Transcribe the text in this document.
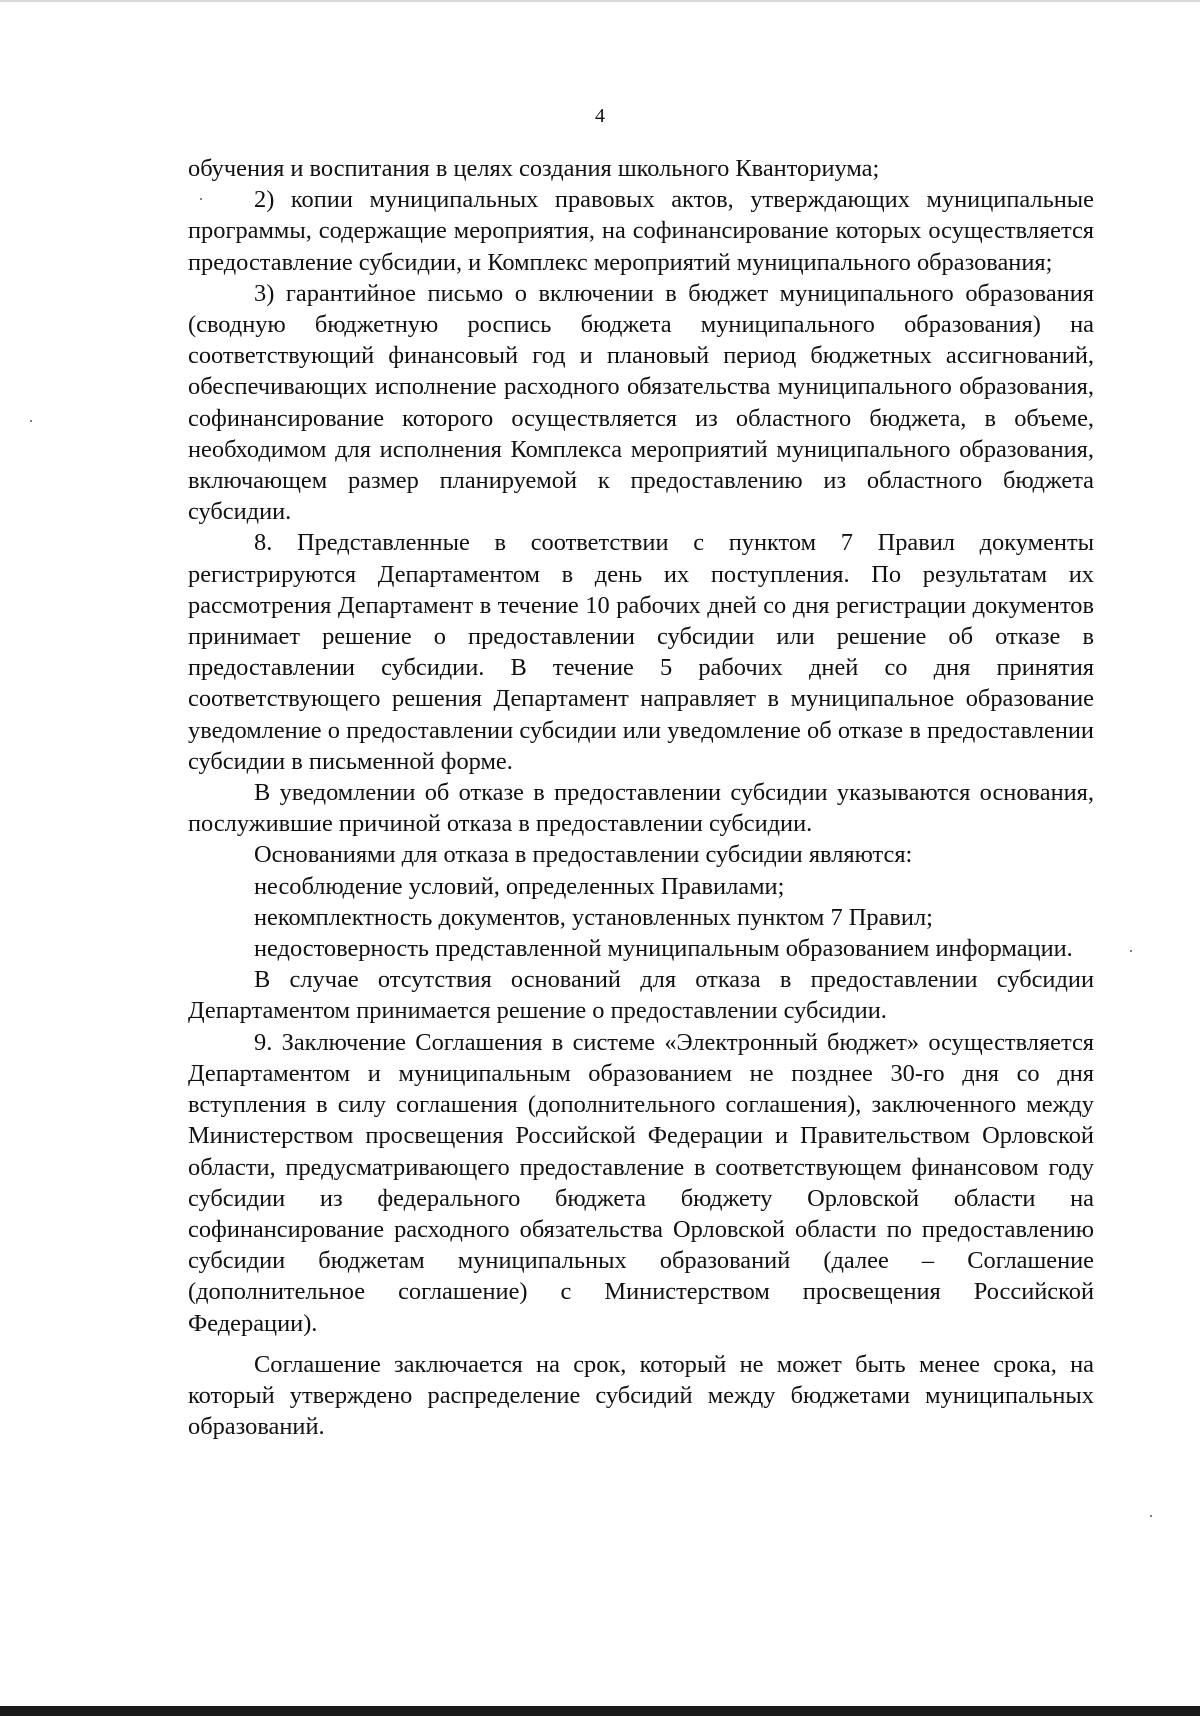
4

обучения и воспитания в целях создания школьного Кванториума;

2) копии муниципальных правовых актов, утверждающих муниципальные программы, содержащие мероприятия, на софинансирование которых осуществляется предоставление субсидии, и Комплекс мероприятий муниципального образования;

3) гарантийное письмо о включении в бюджет муниципального образования (сводную бюджетную роспись бюджета муниципального образования) на соответствующий финансовый год и плановый период бюджетных ассигнований, обеспечивающих исполнение расходного обязательства муниципального образования, софинансирование которого осуществляется из областного бюджета, в объеме, необходимом для исполнения Комплекса мероприятий муниципального образования, включающем размер планируемой к предоставлению из областного бюджета субсидии.

8. Представленные в соответствии с пунктом 7 Правил документы регистрируются Департаментом в день их поступления. По результатам их рассмотрения Департамент в течение 10 рабочих дней со дня регистрации документов принимает решение о предоставлении субсидии или решение об отказе в предоставлении субсидии. В течение 5 рабочих дней со дня принятия соответствующего решения Департамент направляет в муниципальное образование уведомление о предоставлении субсидии или уведомление об отказе в предоставлении субсидии в письменной форме.

В уведомлении об отказе в предоставлении субсидии указываются основания, послужившие причиной отказа в предоставлении субсидии.

Основаниями для отказа в предоставлении субсидии являются:

несоблюдение условий, определенных Правилами;

некомплектность документов, установленных пунктом 7 Правил;

недостоверность представленной муниципальным образованием информации.

В случае отсутствия оснований для отказа в предоставлении субсидии Департаментом принимается решение о предоставлении субсидии.

9. Заключение Соглашения в системе «Электронный бюджет» осуществляется Департаментом и муниципальным образованием не позднее 30-го дня со дня вступления в силу соглашения (дополнительного соглашения), заключенного между Министерством просвещения Российской Федерации и Правительством Орловской области, предусматривающего предоставление в соответствующем финансовом году субсидии из федерального бюджета бюджету Орловской области на софинансирование расходного обязательства Орловской области по предоставлению субсидии бюджетам муниципальных образований (далее – Соглашение (дополнительное соглашение) с Министерством просвещения Российской Федерации).

Соглашение заключается на срок, который не может быть менее срока, на который утверждено распределение субсидий между бюджетами муниципальных образований.
